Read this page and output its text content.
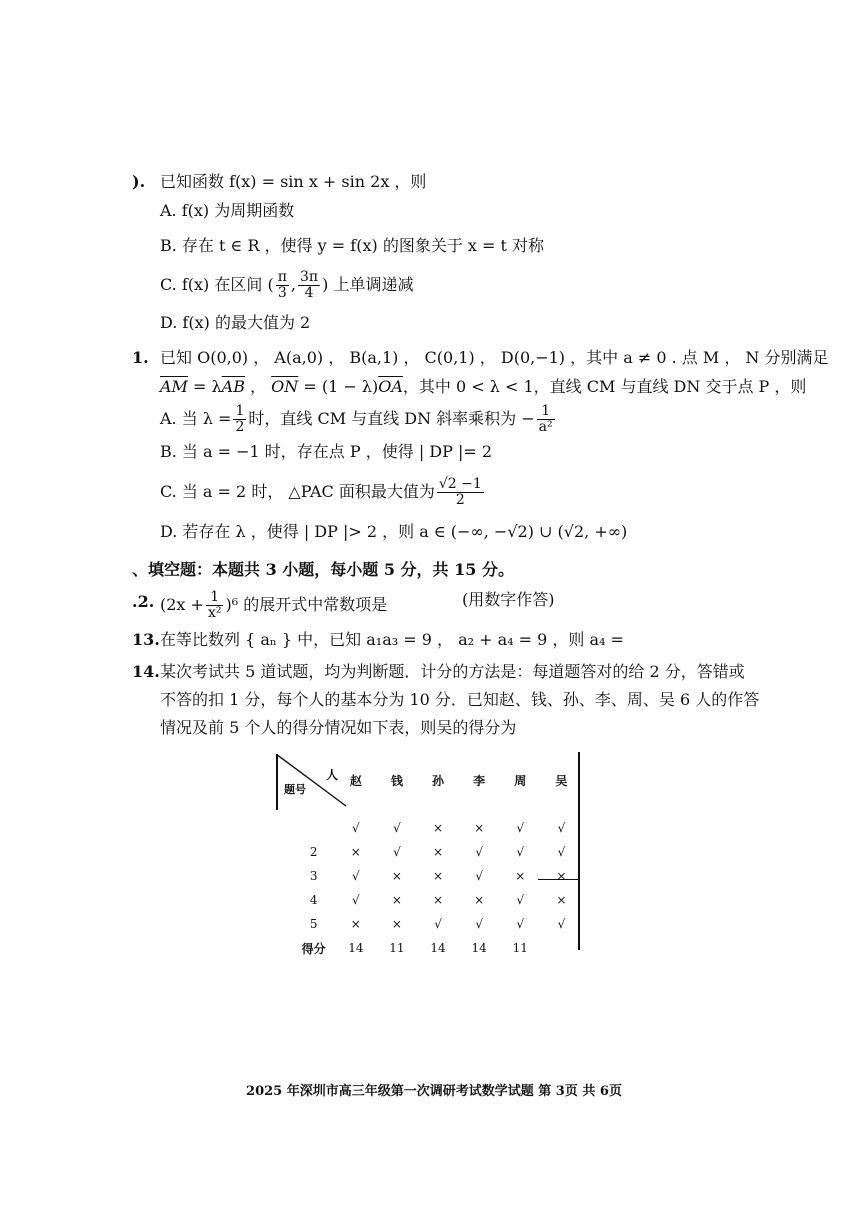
). 已知函数 f(x) = sin x + sin 2x ，则
A. f(x) 为周期函数
B. 存在 t ∈ R ，使得 y = f(x) 的图象关于 x = t 对称
C. f(x) 在区间 ( $\frac{\pi}{3}$ , $\frac{3\pi}{4}$ ) 上单调递减
D. f(x) 的最大值为 2
1. 已知 O(0,0) ， A(a,0) ， B(a,1) ， C(0,1) ， D(0,−1) ，其中 a ≠ 0 . 点 M ， N 分别满足
$\overline{AM} = \lambda\overline{AB}$ ， $\overline{ON} = (1 - \lambda)\overline{OA}$，其中 0 < λ < 1，直线 CM 与直线 DN 交于点 P ，则
A. 当 $\lambda = \frac{1}{2}$ 时，直线 CM 与直线 DN 斜率乘积为 − $\frac{1}{\text{a²}}$
B. 当 a = −1 时，存在点 P ，使得 | DP |= 2
C. 当 a = 2 时， △PAC 面积最大值为 $\frac{√2 -1}{2}$
D. 若存在 λ ，使得 | DP |> 2 ，则 a ∈ (−∞, −√2) ∪ (√2, +∞)
、填空题：本题共 3 小题，每小题 5 分，共 15 分。
.2. $(2x + \frac{1}{\text{x²}} )^6$ 的展开式中常数项是	(用数字作答)
13. 在等比数列 { aₙ } 中，已知 a₁a₃ = 9 ， a₂ + a₄ = 9 ，则 a₄ =
14. 某次考试共 5 道试题，均为判断题．计分的方法是：每道题答对的给 2 分，答错或
不答的扣 1 分，每个人的基本分为 10 分．已知赵、钱、孙、李、周、吴 6 人的作答
情况及前 5 个人的得分情况如下表，则吴的得分为
人
题号
	赵	钱	孙	李	周	吴

	√	√	×	×	√	√
2	×	√	×	√	√	√
3	√	×	×	√	×	×
4	√	×	×	×	√	×
5	×	×	√	√	√	√
得分	14	11	14	14	11	
2025 年深圳市高三年级第一次调研考试数学试题 第 3页 共 6页
